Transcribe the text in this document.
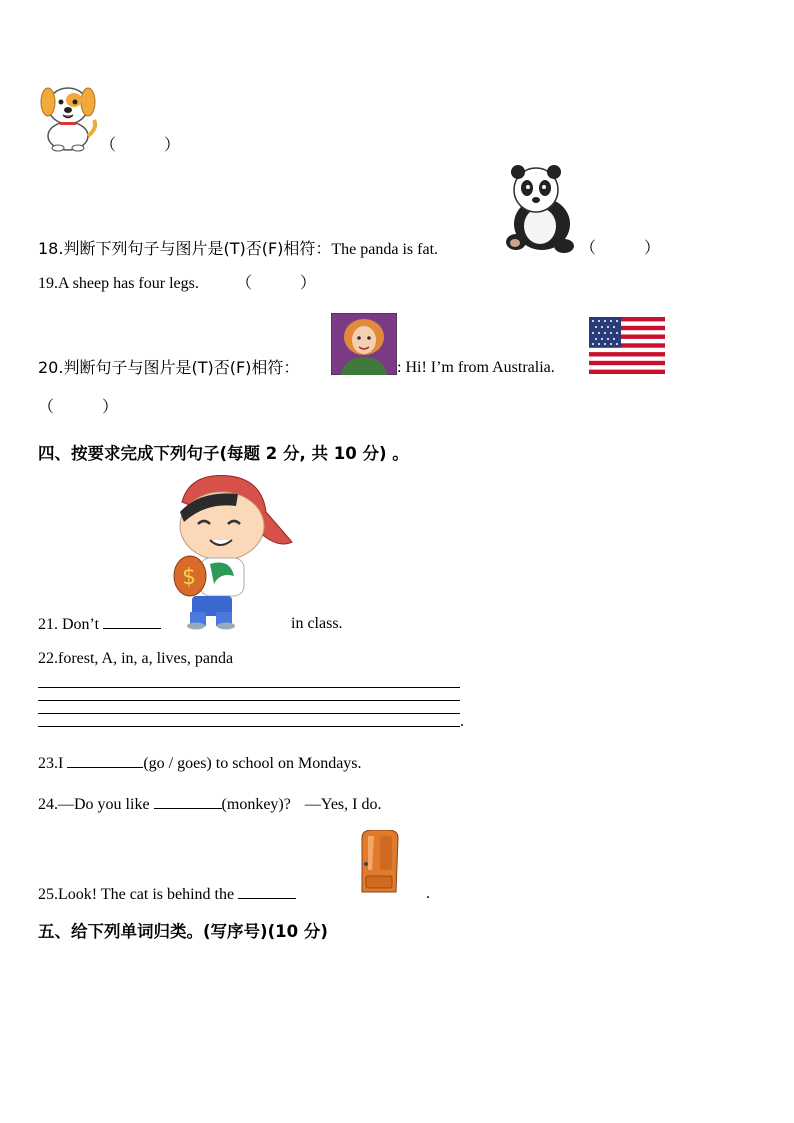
（　　　）
18.判断下列句子与图片是(T)否(F)相符：The panda is fat.	（　　　）
19.A sheep has four legs. （　　　）
20.判断句子与图片是(T)否(F)相符：	: Hi! I’m from Australia.
（　　　）
四、按要求完成下列句子(每题 2 分, 共 10 分) 。
$
21. Don’t	in class.
22.forest, A, in, a, lives, panda
.
23.I	(go / goes) to school on Mondays.
24.—Do you like	(monkey)? —Yes, I do.
25.Look! The cat is behind the	.
五、给下列单词归类。(写序号)(10 分)
